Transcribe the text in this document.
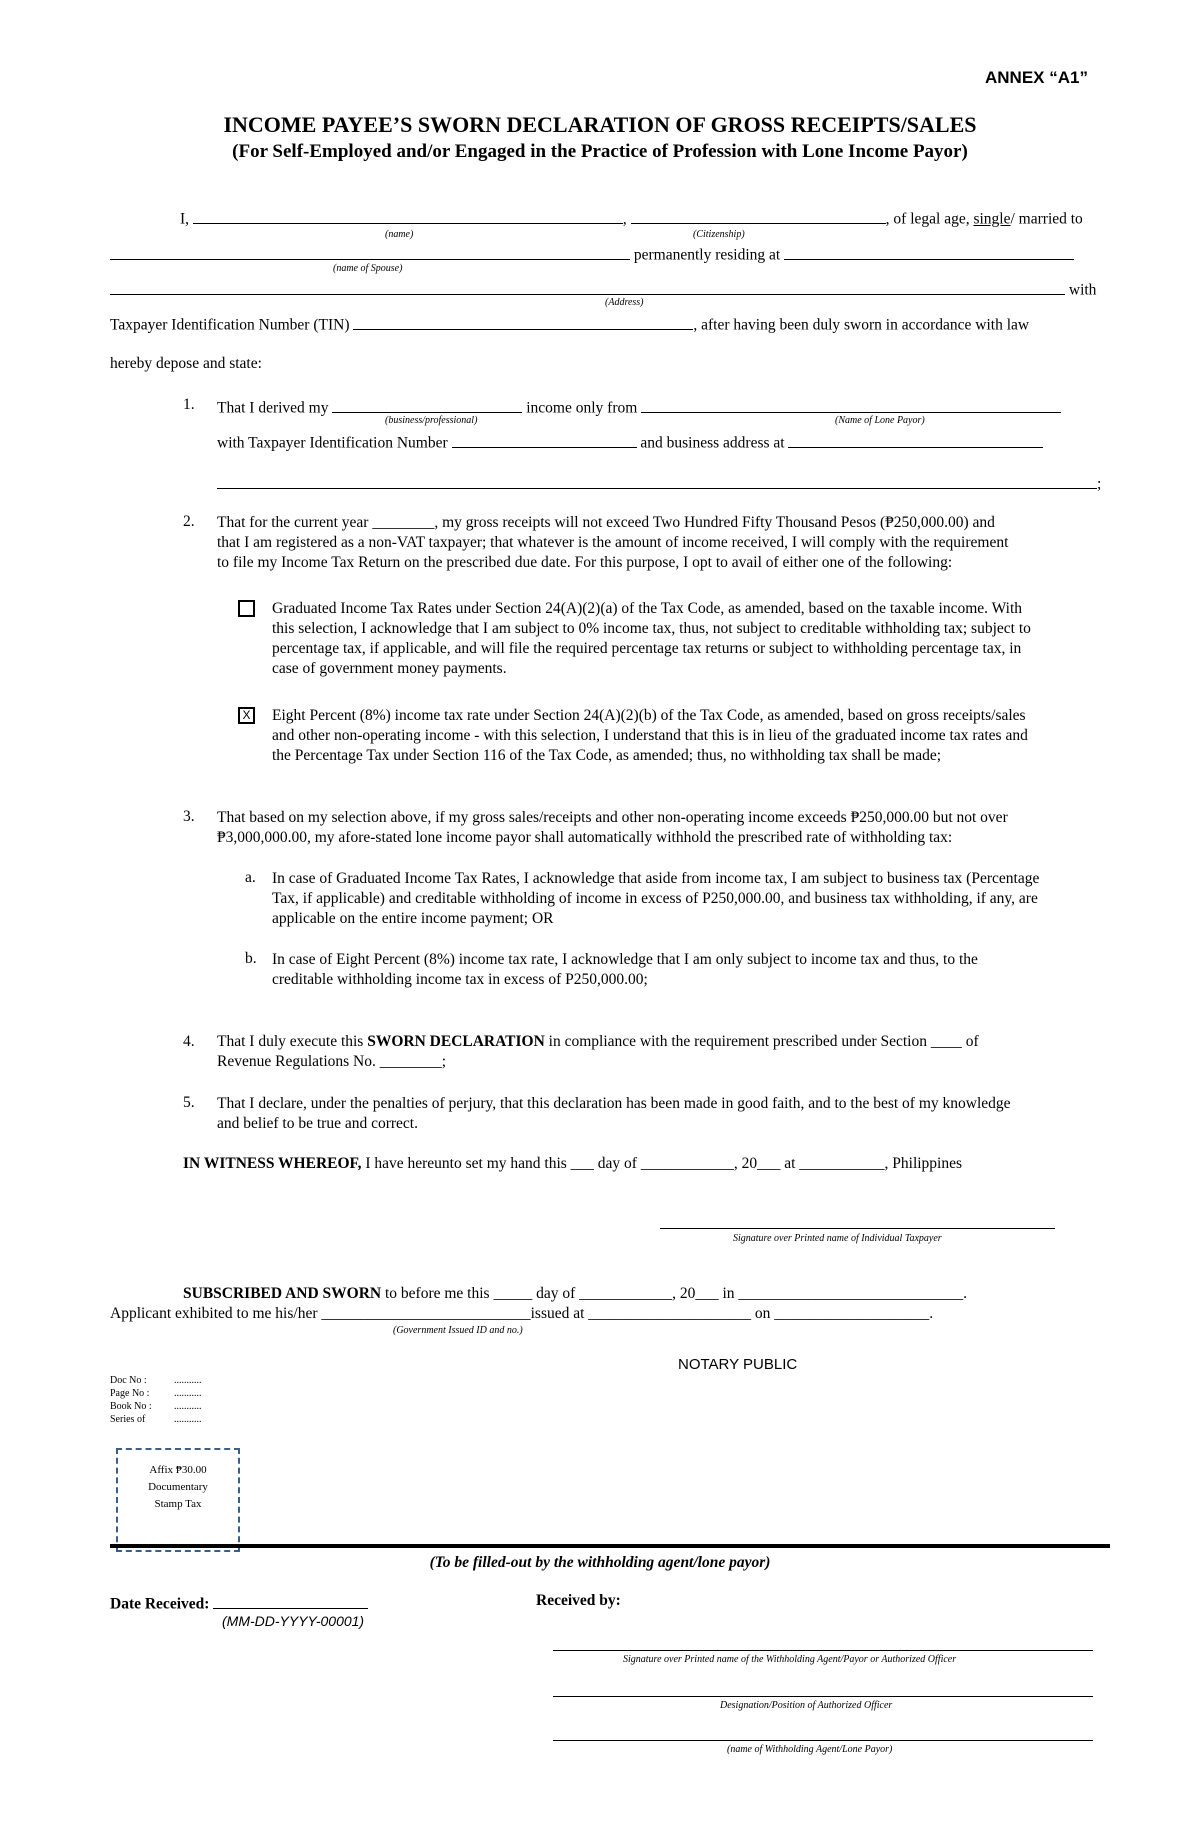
ANNEX “A1”
INCOME PAYEE’S SWORN DECLARATION OF GROSS RECEIPTS/SALES
(For Self-Employed and/or Engaged in the Practice of Profession with Lone Income Payor)
I,	,	, of legal age, single/ married to
(name)	(Citizenship)
permanently residing at
(name of Spouse)
with
(Address)
Taxpayer Identification Number (TIN)	, after having been duly sworn in accordance with law
hereby depose and state:
1. That I derived my	income only from
(business/professional)	(Name of Lone Payor)
with Taxpayer Identification Number	and business address at
;
2. That for the current year ________, my gross receipts will not exceed Two Hundred Fifty Thousand Pesos (₱250,000.00) and
that I am registered as a non-VAT taxpayer; that whatever is the amount of income received, I will comply with the requirement
to file my Income Tax Return on the prescribed due date. For this purpose, I opt to avail of either one of the following:
Graduated Income Tax Rates under Section 24(A)(2)(a) of the Tax Code, as amended, based on the taxable income. With this selection, I acknowledge that I am subject to 0% income tax, thus, not subject to creditable withholding tax; subject to percentage tax, if applicable, and will file the required percentage tax returns or subject to withholding percentage tax, in case of government money payments.
X Eight Percent (8%) income tax rate under Section 24(A)(2)(b) of the Tax Code, as amended, based on gross receipts/sales and other non-operating income - with this selection, I understand that this is in lieu of the graduated income tax rates and the Percentage Tax under Section 116 of the Tax Code, as amended; thus, no withholding tax shall be made;
3. That based on my selection above, if my gross sales/receipts and other non-operating income exceeds ₱250,000.00 but not over
₱3,000,000.00, my afore-stated lone income payor shall automatically withhold the prescribed rate of withholding tax:
a. In case of Graduated Income Tax Rates, I acknowledge that aside from income tax, I am subject to business tax (Percentage Tax, if applicable) and creditable withholding of income in excess of P250,000.00, and business tax withholding, if any, are applicable on the entire income payment; OR
b. In case of Eight Percent (8%) income tax rate, I acknowledge that I am only subject to income tax and thus, to the creditable withholding income tax in excess of P250,000.00;
4. That I duly execute this SWORN DECLARATION in compliance with the requirement prescribed under Section ____ of
Revenue Regulations No. ________;
5. That I declare, under the penalties of perjury, that this declaration has been made in good faith, and to the best of my knowledge
and belief to be true and correct.
IN WITNESS WHEREOF, I have hereunto set my hand this ___ day of ____________, 20___ at ___________, Philippines
Signature over Printed name of Individual Taxpayer
SUBSCRIBED AND SWORN to before me this _____ day of ____________, 20___ in _____________________________.
Applicant exhibited to me his/her ___________________________issued at _____________________ on ____________________.
(Government Issued ID and no.)
NOTARY PUBLIC
Doc No :	...........
Page No : ...........
Book No : ...........
Series of	...........
Affix ₱30.00
Documentary
Stamp Tax
(To be filled-out by the withholding agent/lone payor)
Date Received:
(MM-DD-YYYY-00001)
Received by:
Signature over Printed name of the Withholding Agent/Payor or Authorized Officer
Designation/Position of Authorized Officer
(name of Withholding Agent/Lone Payor)
